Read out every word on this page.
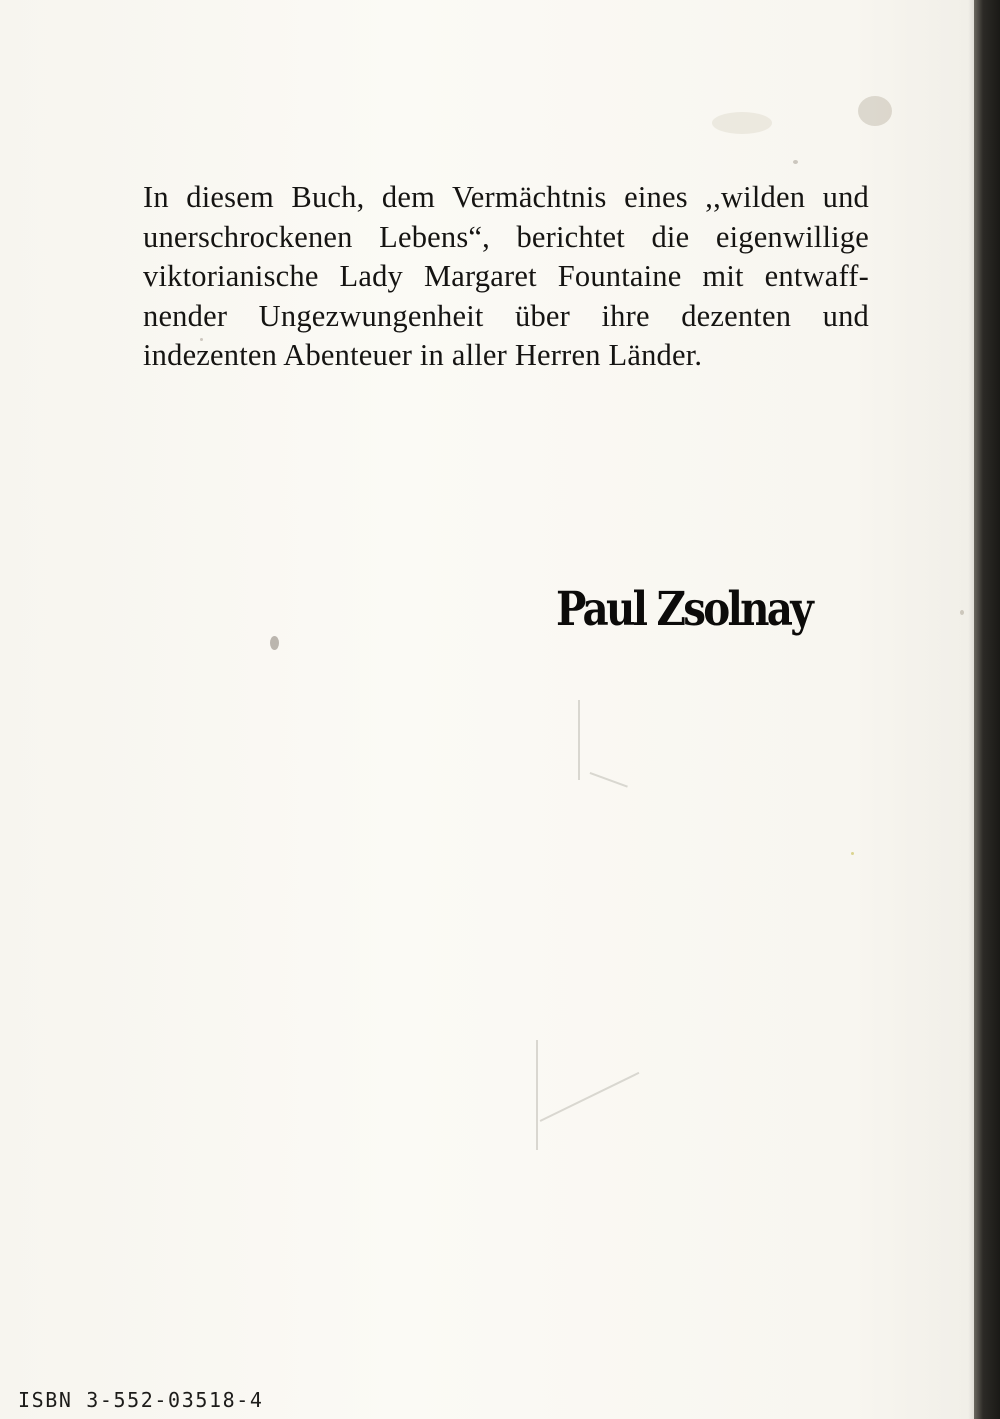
In diesem Buch, dem Vermächtnis eines ,,wilden und
unerschrockenen Lebens“, berichtet die eigenwillige
viktorianische Lady Margaret Fountaine mit entwaff-
nender Ungezwungenheit über ihre dezenten und
indezenten Abenteuer in aller Herren Länder.

Paul Zsolnay
ISBN 3-552-03518-4
